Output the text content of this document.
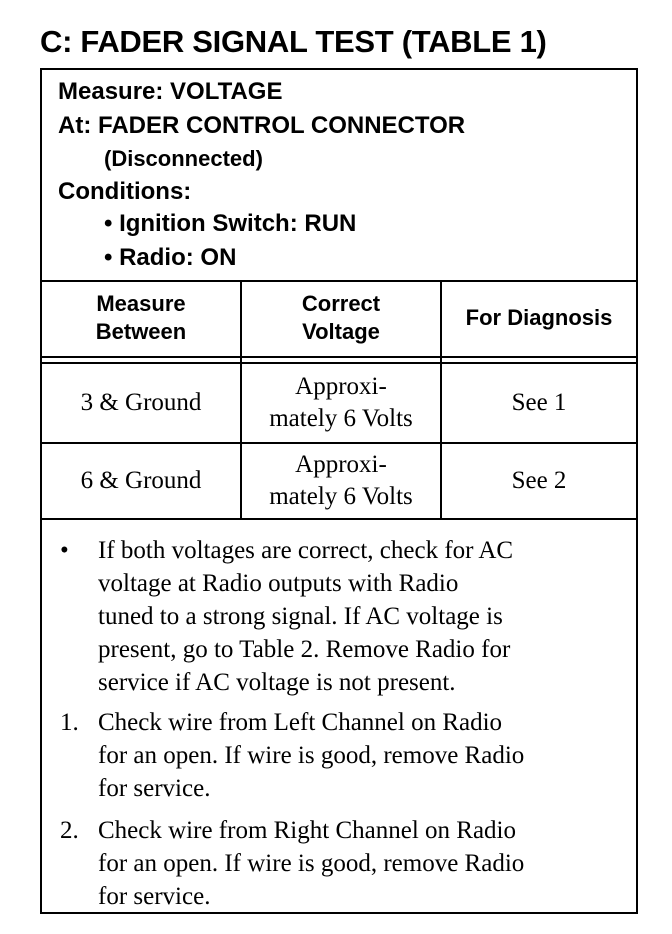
C: FADER SIGNAL TEST (TABLE 1)
Measure: VOLTAGE
At: FADER CONTROL CONNECTOR
(Disconnected)
Conditions:
• Ignition Switch: RUN
• Radio: ON
Measure
Between
Correct
Voltage
For Diagnosis
3 & Ground
Approxi-
mately 6 Volts
See 1
6 & Ground
Approxi-
mately 6 Volts
See 2
• If both voltages are correct, check for AC
voltage at Radio outputs with Radio
tuned to a strong signal. If AC voltage is
present, go to Table 2. Remove Radio for
service if AC voltage is not present.
1. Check wire from Left Channel on Radio
for an open. If wire is good, remove Radio
for service.
2. Check wire from Right Channel on Radio
for an open. If wire is good, remove Radio
for service.
